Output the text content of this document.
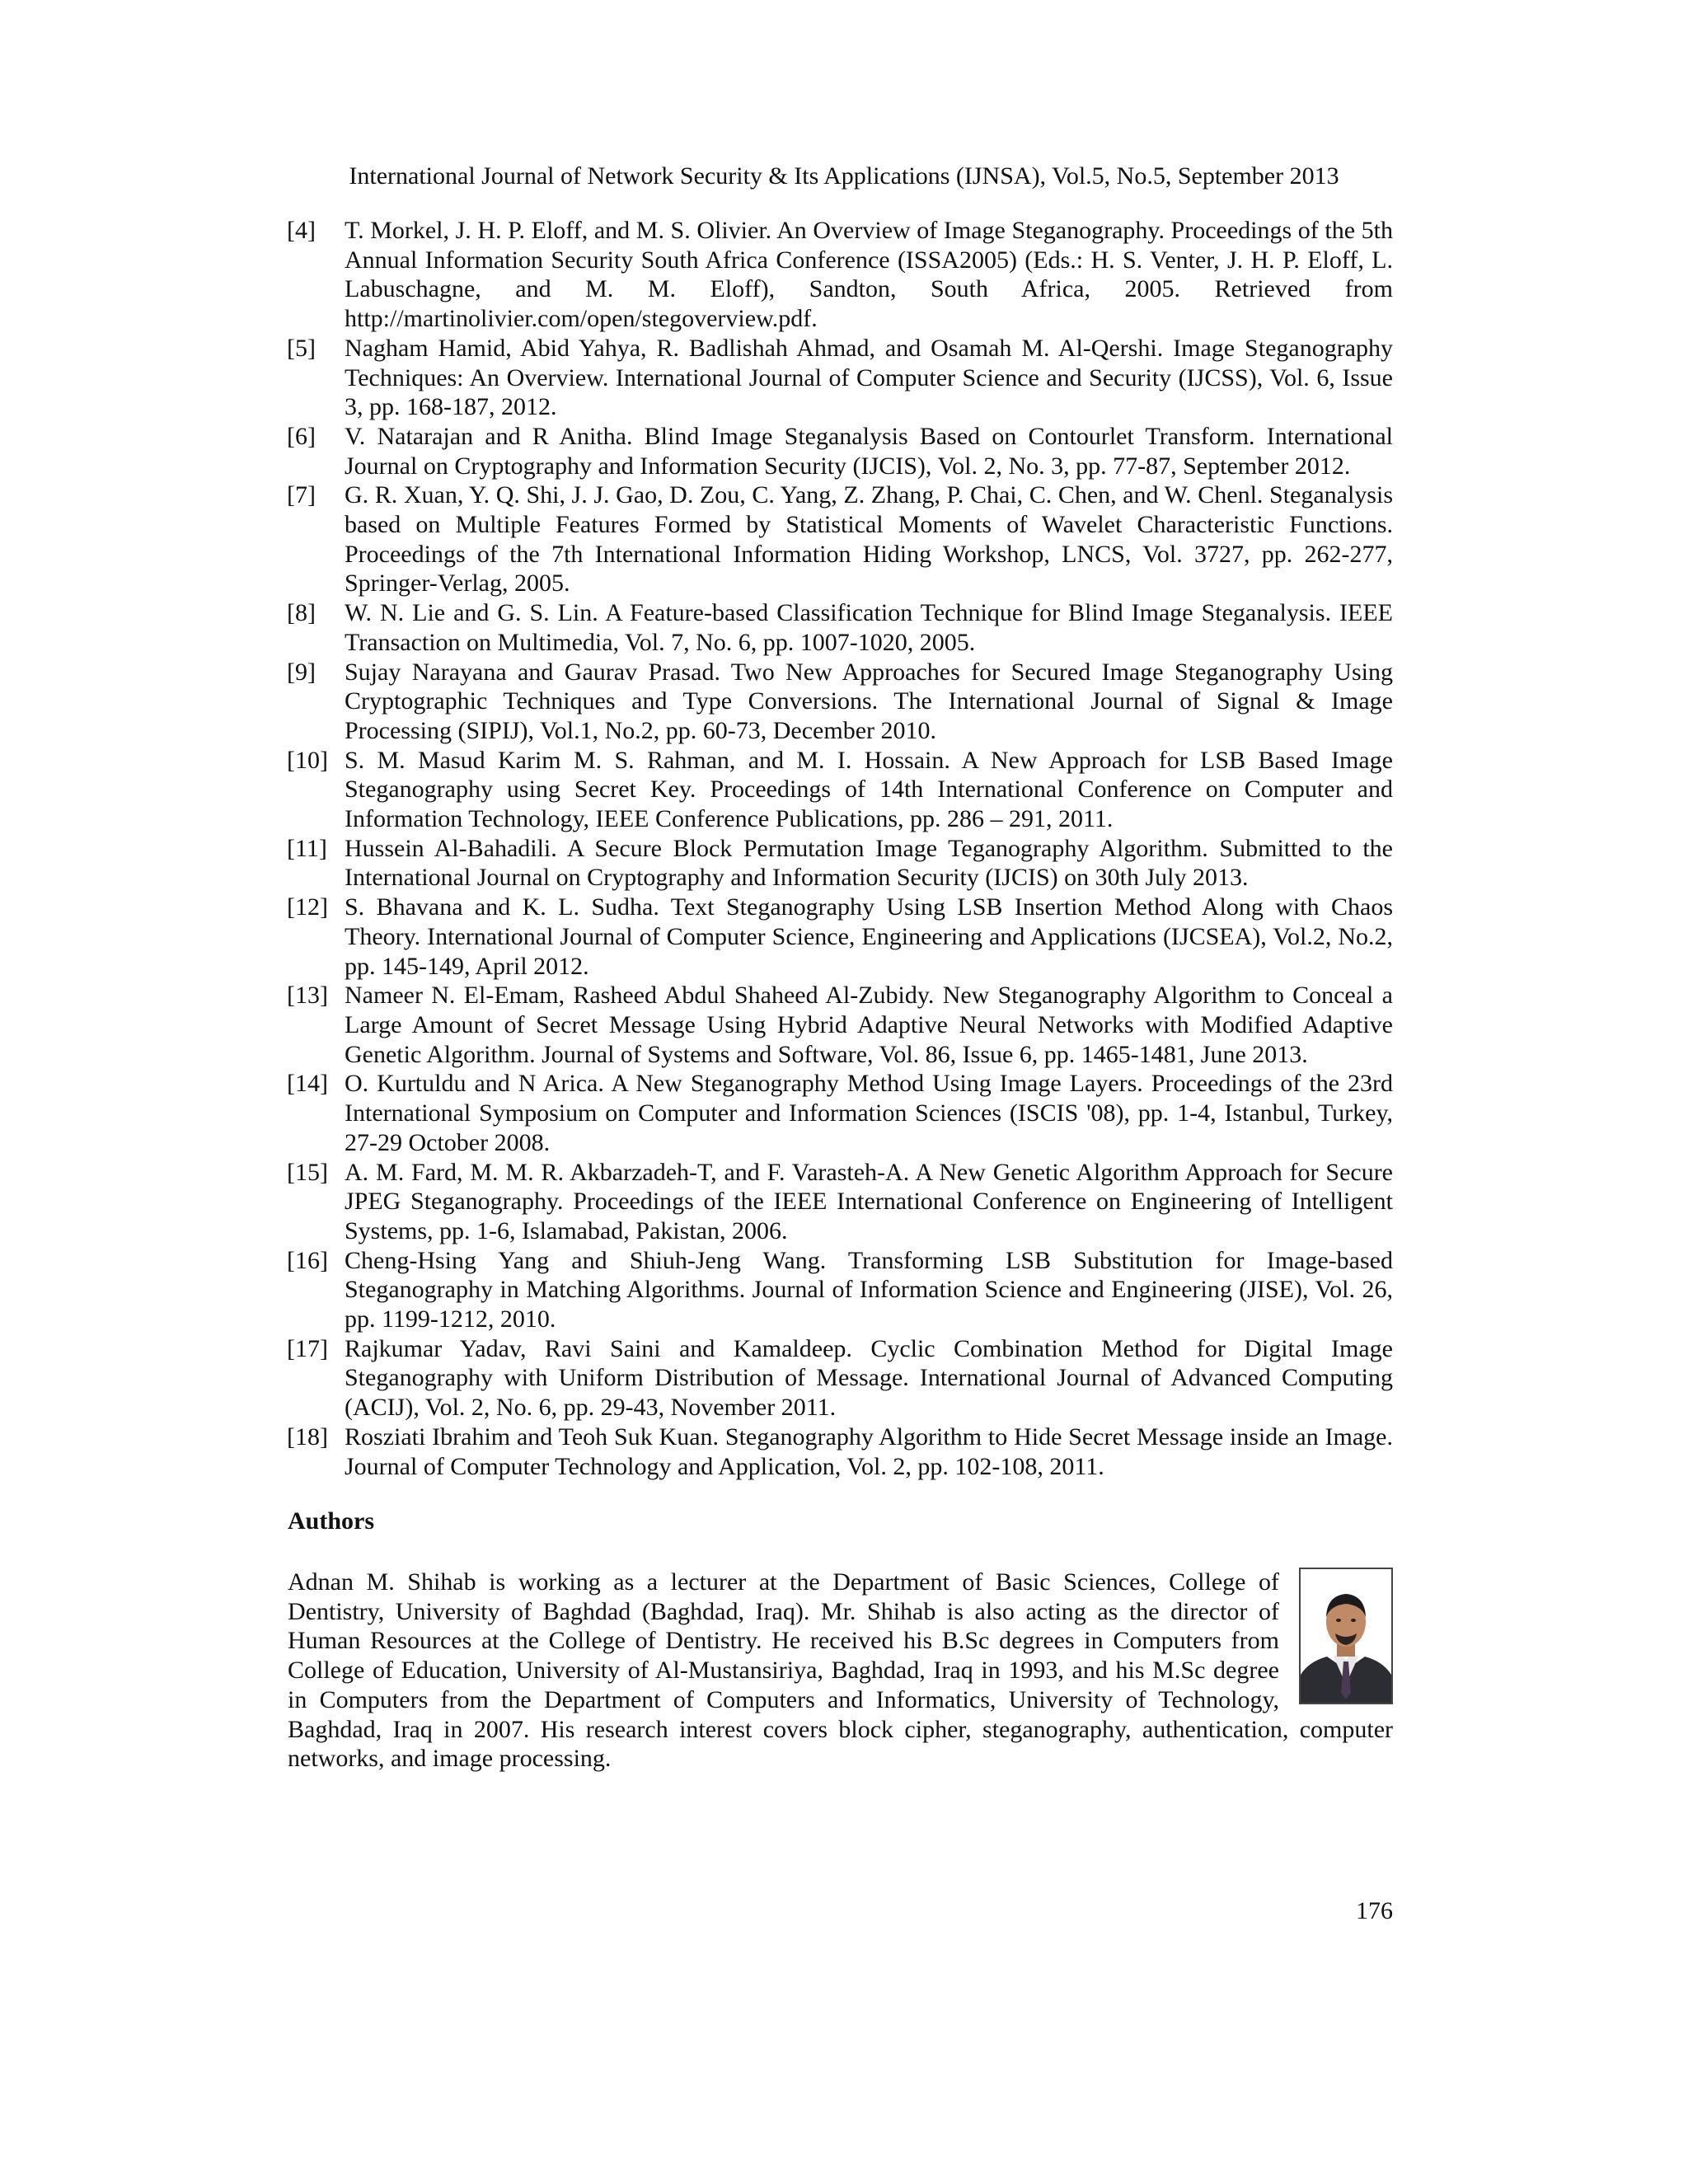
International Journal of Network Security & Its Applications (IJNSA), Vol.5, No.5, September 2013
[4] T. Morkel, J. H. P. Eloff, and M. S. Olivier. An Overview of Image Steganography. Proceedings of the 5th Annual Information Security South Africa Conference (ISSA2005) (Eds.: H. S. Venter, J. H. P. Eloff, L. Labuschagne, and M. M. Eloff), Sandton, South Africa, 2005. Retrieved from http://martinolivier.com/open/stegoverview.pdf.
[5] Nagham Hamid, Abid Yahya, R. Badlishah Ahmad, and Osamah M. Al-Qershi. Image Steganography Techniques: An Overview. International Journal of Computer Science and Security (IJCSS), Vol. 6, Issue 3, pp. 168-187, 2012.
[6] V. Natarajan and R Anitha. Blind Image Steganalysis Based on Contourlet Transform. International Journal on Cryptography and Information Security (IJCIS), Vol. 2, No. 3, pp. 77-87, September 2012.
[7] G. R. Xuan, Y. Q. Shi, J. J. Gao, D. Zou, C. Yang, Z. Zhang, P. Chai, C. Chen, and W. Chenl. Steganalysis based on Multiple Features Formed by Statistical Moments of Wavelet Characteristic Functions. Proceedings of the 7th International Information Hiding Workshop, LNCS, Vol. 3727, pp. 262-277, Springer-Verlag, 2005.
[8] W. N. Lie and G. S. Lin. A Feature-based Classification Technique for Blind Image Steganalysis. IEEE Transaction on Multimedia, Vol. 7, No. 6, pp. 1007-1020, 2005.
[9] Sujay Narayana and Gaurav Prasad. Two New Approaches for Secured Image Steganography Using Cryptographic Techniques and Type Conversions. The International Journal of Signal & Image Processing (SIPIJ), Vol.1, No.2, pp. 60-73, December 2010.
[10] S. M. Masud Karim M. S. Rahman, and M. I. Hossain. A New Approach for LSB Based Image Steganography using Secret Key. Proceedings of 14th International Conference on Computer and Information Technology, IEEE Conference Publications, pp. 286 – 291, 2011.
[11] Hussein Al-Bahadili. A Secure Block Permutation Image Teganography Algorithm. Submitted to the International Journal on Cryptography and Information Security (IJCIS) on 30th July 2013.
[12] S. Bhavana and K. L. Sudha. Text Steganography Using LSB Insertion Method Along with Chaos Theory. International Journal of Computer Science, Engineering and Applications (IJCSEA), Vol.2, No.2, pp. 145-149, April 2012.
[13] Nameer N. El-Emam, Rasheed Abdul Shaheed Al-Zubidy. New Steganography Algorithm to Conceal a Large Amount of Secret Message Using Hybrid Adaptive Neural Networks with Modified Adaptive Genetic Algorithm. Journal of Systems and Software, Vol. 86, Issue 6, pp. 1465-1481, June 2013.
[14] O. Kurtuldu and N Arica. A New Steganography Method Using Image Layers. Proceedings of the 23rd International Symposium on Computer and Information Sciences (ISCIS '08), pp. 1-4, Istanbul, Turkey, 27-29 October 2008.
[15] A. M. Fard, M. M. R. Akbarzadeh-T, and F. Varasteh-A. A New Genetic Algorithm Approach for Secure JPEG Steganography. Proceedings of the IEEE International Conference on Engineering of Intelligent Systems, pp. 1-6, Islamabad, Pakistan, 2006.
[16] Cheng-Hsing Yang and Shiuh-Jeng Wang. Transforming LSB Substitution for Image-based Steganography in Matching Algorithms. Journal of Information Science and Engineering (JISE), Vol. 26, pp. 1199-1212, 2010.
[17] Rajkumar Yadav, Ravi Saini and Kamaldeep. Cyclic Combination Method for Digital Image Steganography with Uniform Distribution of Message. International Journal of Advanced Computing (ACIJ), Vol. 2, No. 6, pp. 29-43, November 2011.
[18] Rosziati Ibrahim and Teoh Suk Kuan. Steganography Algorithm to Hide Secret Message inside an Image. Journal of Computer Technology and Application, Vol. 2, pp. 102-108, 2011.
Authors

Adnan M. Shihab is working as a lecturer at the Department of Basic Sciences, College of Dentistry, University of Baghdad (Baghdad, Iraq). Mr. Shihab is also acting as the director of Human Resources at the College of Dentistry. He received his B.Sc degrees in Computers from College of Education, University of Al-Mustansiriya, Baghdad, Iraq in 1993, and his M.Sc degree in Computers from the Department of Computers and Informatics, University of Technology, Baghdad, Iraq in 2007. His research interest covers block cipher, steganography, authentication, computer networks, and image processing.

176
